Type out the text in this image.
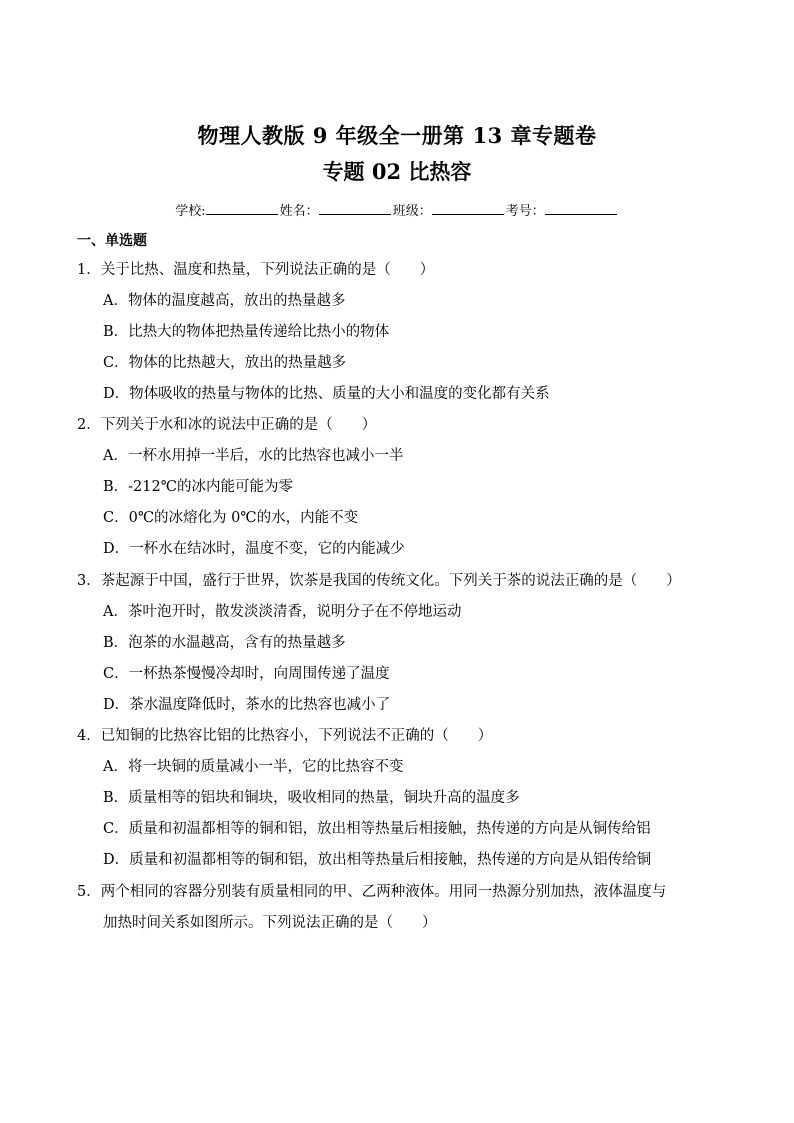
物理人教版 9 年级全一册第 13 章专题卷
专题 02 比热容
学校:	姓名：	班级：	考号：
一、单选题
1．关于比热、温度和热量，下列说法正确的是（　　）
A．物体的温度越高，放出的热量越多
B．比热大的物体把热量传递给比热小的物体
C．物体的比热越大，放出的热量越多
D．物体吸收的热量与物体的比热、质量的大小和温度的变化都有关系
2．下列关于水和冰的说法中正确的是（　　）
A．一杯水用掉一半后，水的比热容也减小一半
B．-212℃的冰内能可能为零
C．0℃的冰熔化为 0℃的水，内能不变
D．一杯水在结冰时，温度不变，它的内能减少
3．茶起源于中国，盛行于世界，饮茶是我国的传统文化。下列关于茶的说法正确的是（　　）
A．茶叶泡开时，散发淡淡清香，说明分子在不停地运动
B．泡茶的水温越高，含有的热量越多
C．一杯热茶慢慢冷却时，向周围传递了温度
D．茶水温度降低时，茶水的比热容也减小了
4．已知铜的比热容比铝的比热容小，下列说法不正确的（　　）
A．将一块铜的质量减小一半，它的比热容不变
B．质量相等的铝块和铜块，吸收相同的热量，铜块升高的温度多
C．质量和初温都相等的铜和铝，放出相等热量后相接触，热传递的方向是从铜传给铝
D．质量和初温都相等的铜和铝，放出相等热量后相接触，热传递的方向是从铝传给铜
5．两个相同的容器分别装有质量相同的甲、乙两种液体。用同一热源分别加热，液体温度与
加热时间关系如图所示。下列说法正确的是（　　）
